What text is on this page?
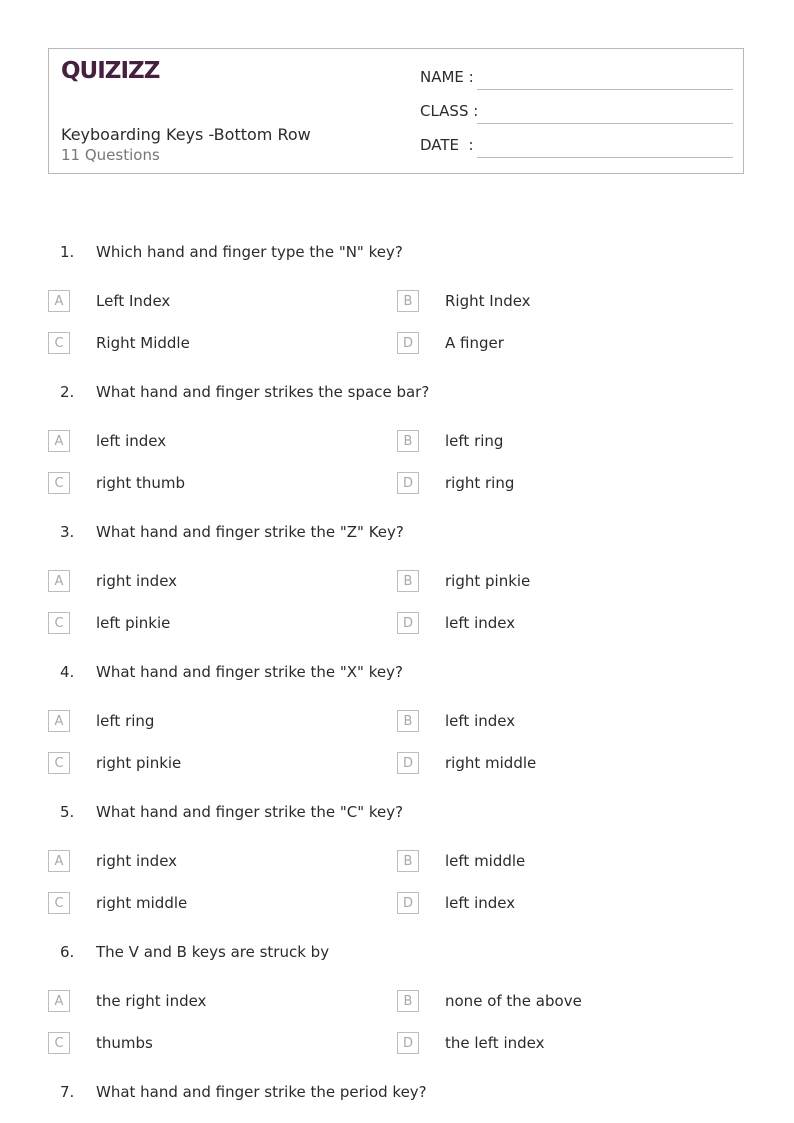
QUIZIZZ
Keyboarding Keys -Bottom Row
11 Questions
NAME :
CLASS :
DATE  :
1. Which hand and finger type the "N" key?
A	Left Index	B	Right Index
C	Right Middle	D	A finger
2. What hand and finger strikes the space bar?
A	left index	B	left ring
C	right thumb	D	right ring
3. What hand and finger strike the "Z" Key?
A	right index	B	right pinkie
C	left pinkie	D	left index
4. What hand and finger strike the "X" key?
A	left ring	B	left index
C	right pinkie	D	right middle
5. What hand and finger strike the "C" key?
A	right index	B	left middle
C	right middle	D	left index
6. The V and B keys are struck by
A	the right index	B	none of the above
C	thumbs	D	the left index
7. What hand and finger strike the period key?
